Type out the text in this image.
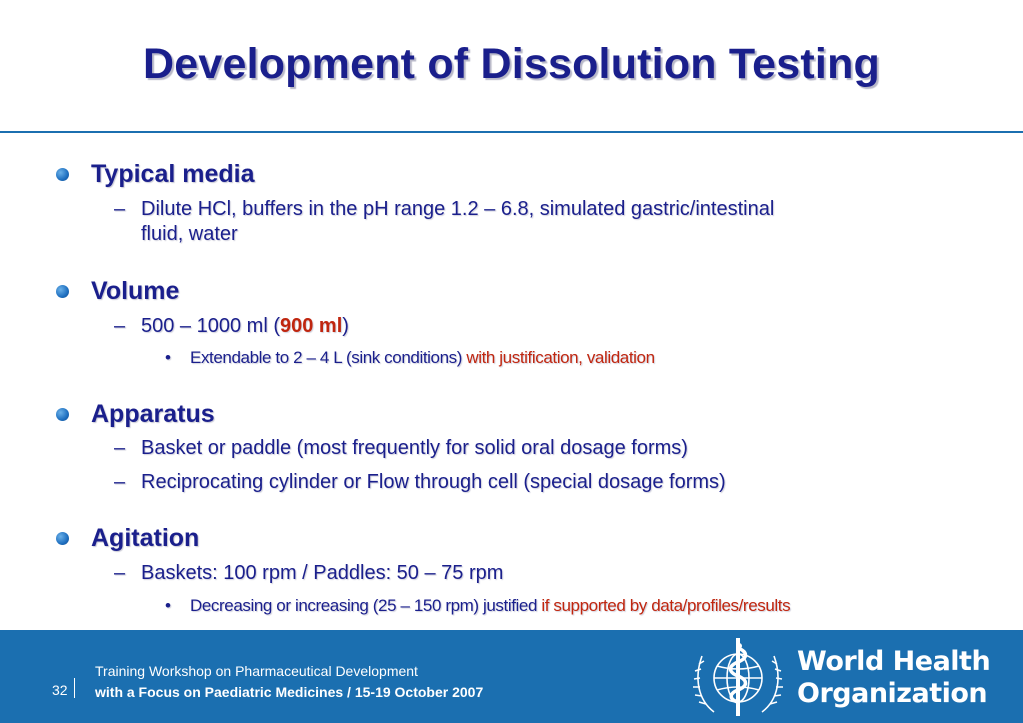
Development of Dissolution Testing
Typical media
– Dilute HCl, buffers in the pH range 1.2 – 6.8, simulated gastric/intestinal
fluid, water
Volume
– 500 – 1000 ml (900 ml)
• Extendable to 2 – 4 L (sink conditions) with justification, validation
Apparatus
– Basket or paddle (most frequently for solid oral dosage forms)
– Reciprocating cylinder or Flow through cell (special dosage forms)
Agitation
– Baskets: 100 rpm / Paddles: 50 – 75 rpm
• Decreasing or increasing (25 – 150 rpm) justified if supported by data/profiles/results
32
Training Workshop on Pharmaceutical Development
with a Focus on Paediatric Medicines / 15-19 October 2007
World Health
Organization
